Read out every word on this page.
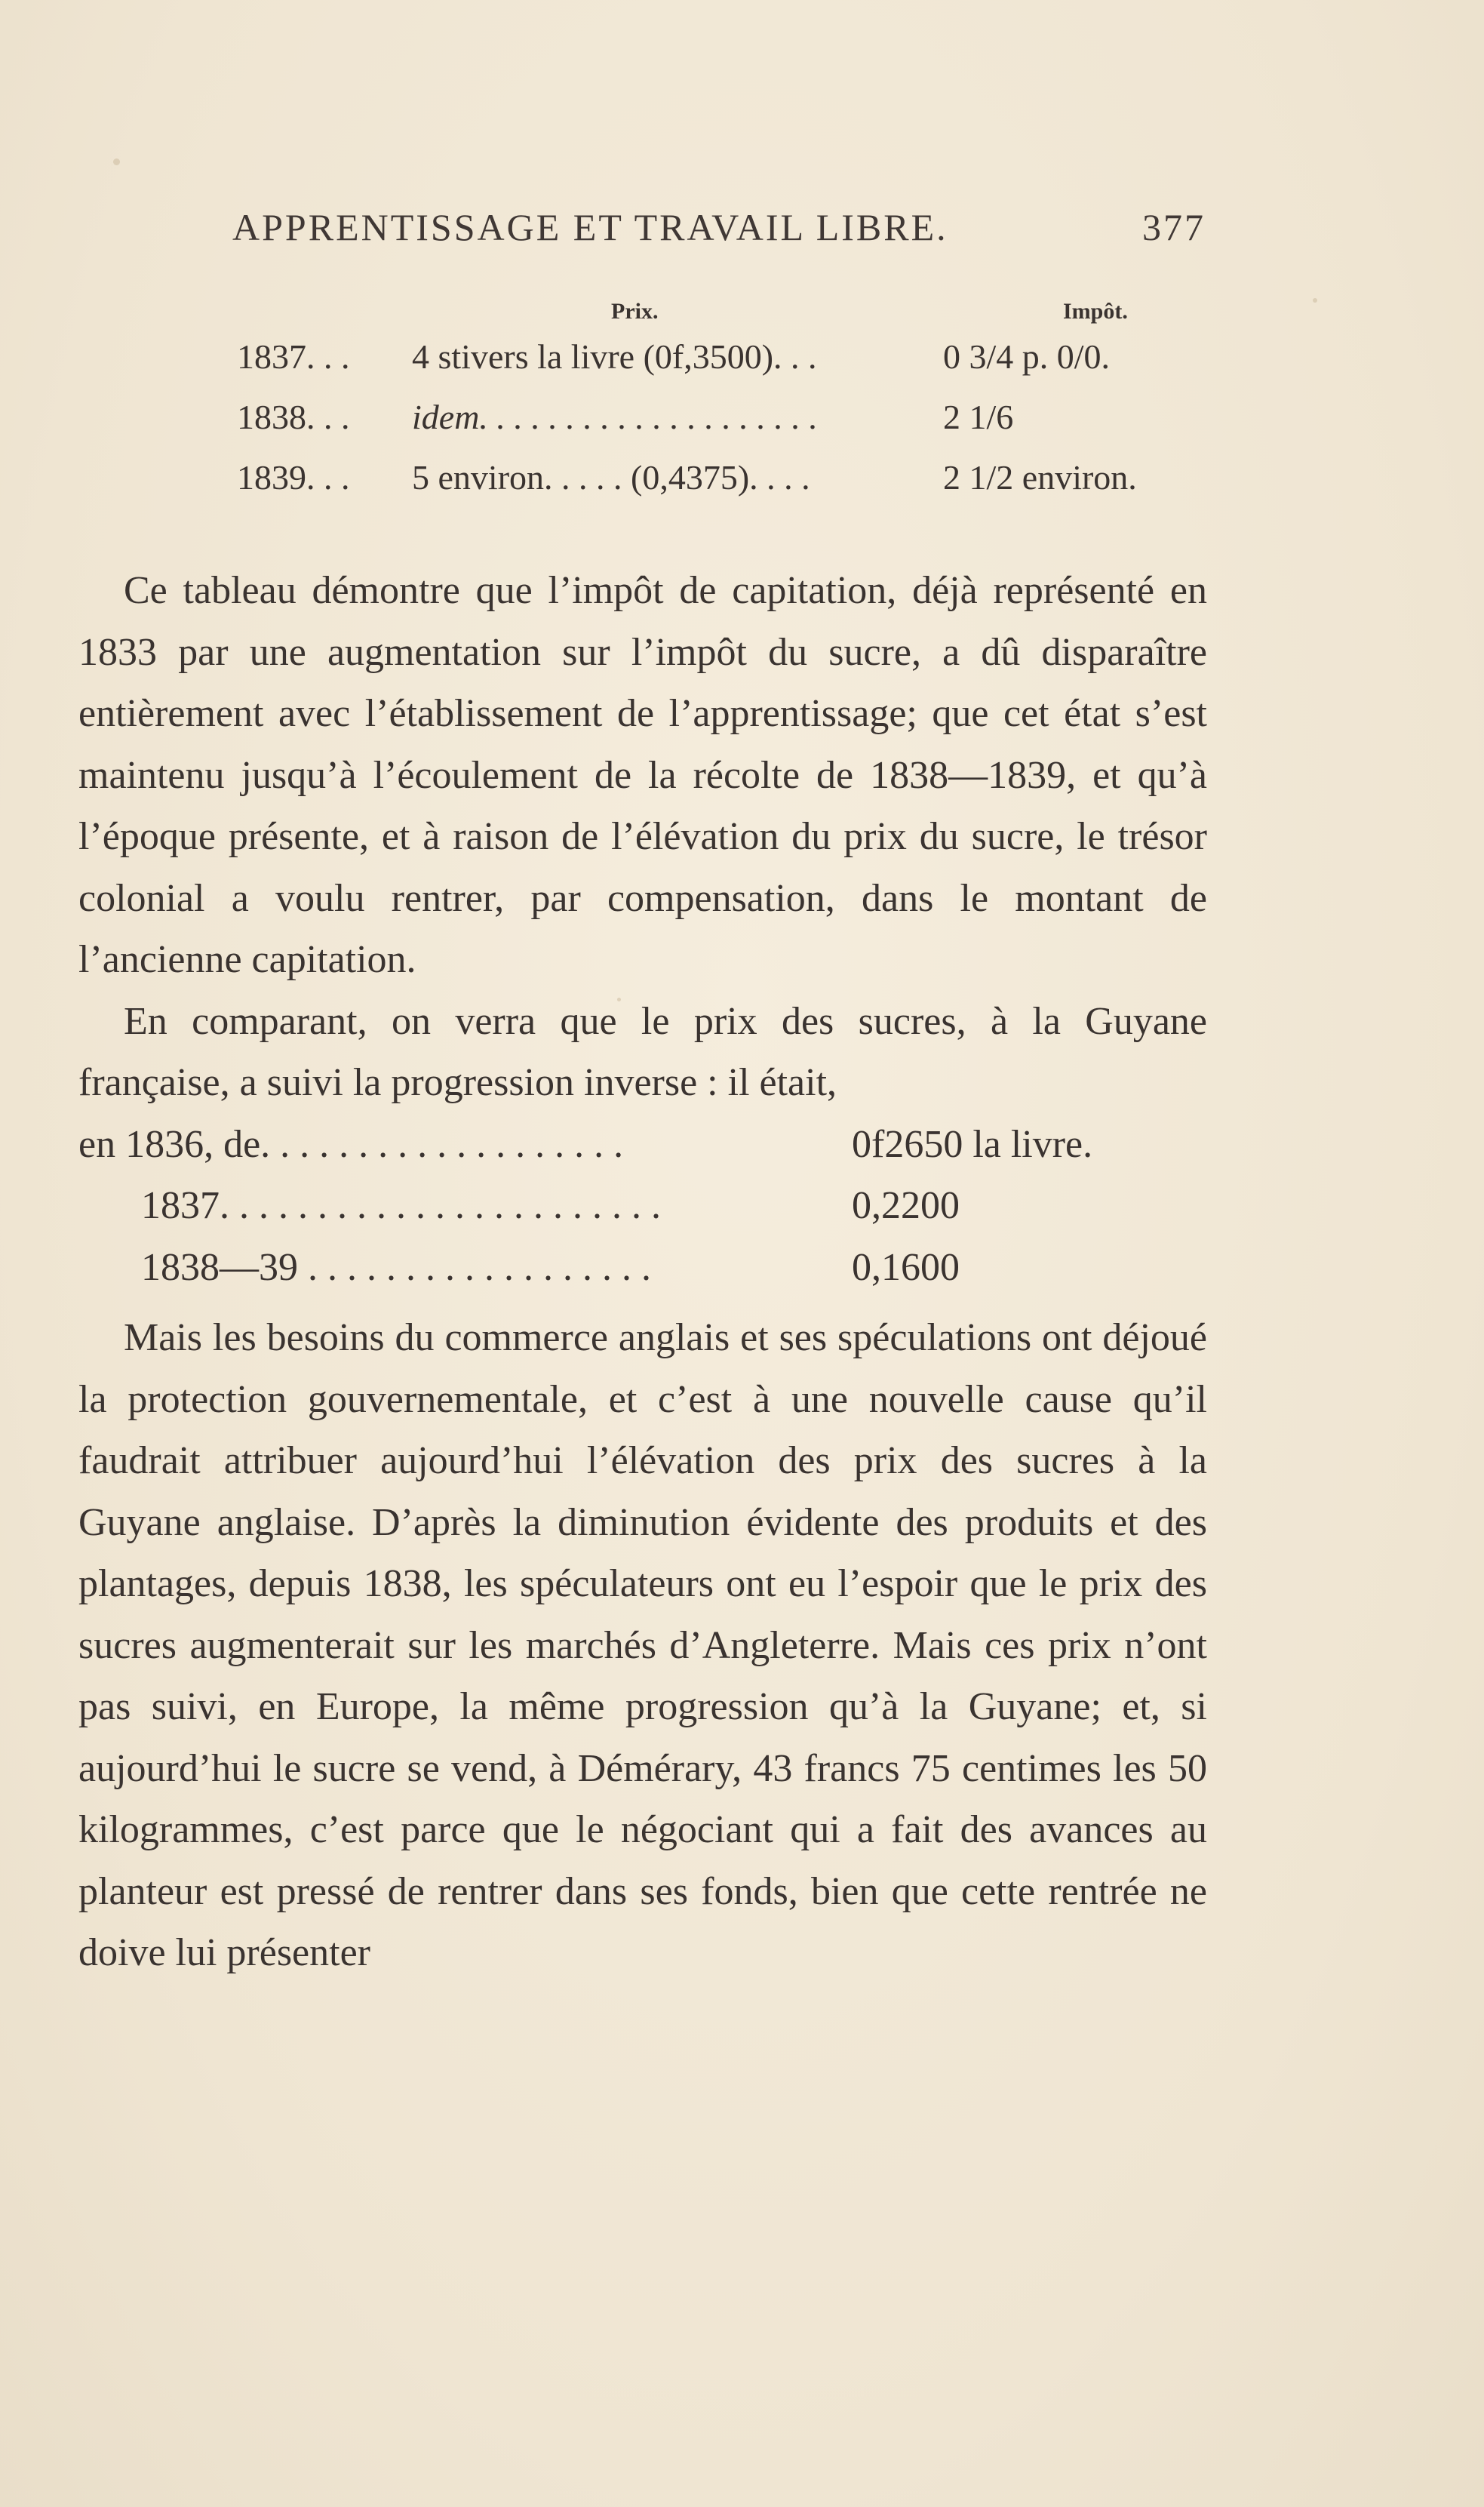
APPRENTISSAGE ET TRAVAIL LIBRE.	377
Prix.	Impôt.
1837. . . 4 stivers la livre (0f,3500). . .	0 3/4 p. 0/0.
1838. . . idem. . . . . . . . . . . . . . . . . . . .	2 1/6
1839. . . 5 environ. . . . . (0,4375). . . .	2 1/2 environ.

Ce tableau démontre que l’impôt de capitation, déjà représenté en 1833 par une augmentation sur l’impôt du sucre, a dû disparaître entièrement avec l’établissement de l’apprentissage; que cet état s’est maintenu jusqu’à l’écoulement de la récolte de 1838—1839, et qu’à l’époque présente, et à raison de l’élévation du prix du sucre, le trésor colonial a voulu rentrer, par compensation, dans le montant de l’ancienne capitation.

En comparant, on verra que le prix des sucres, à la Guyane française, a suivi la progression inverse : il était,

en 1836, de. . . . . . . . . . . . . . . . . . .	0f2650 la livre.
1837. . . . . . . . . . . . . . . . . . . . . . .	0,2200
1838—39 . . . . . . . . . . . . . . . . . .	0,1600

Mais les besoins du commerce anglais et ses spéculations ont déjoué la protection gouvernementale, et c’est à une nouvelle cause qu’il faudrait attribuer aujourd’hui l’élévation des prix des sucres à la Guyane anglaise. D’après la diminution évidente des produits et des plantages, depuis 1838, les spéculateurs ont eu l’espoir que le prix des sucres augmenterait sur les marchés d’Angleterre. Mais ces prix n’ont pas suivi, en Europe, la même progression qu’à la Guyane; et, si aujourd’hui le sucre se vend, à Démérary, 43 francs 75 centimes les 50 kilogrammes, c’est parce que le négociant qui a fait des avances au planteur est pressé de rentrer dans ses fonds, bien que cette rentrée ne doive lui présenter
